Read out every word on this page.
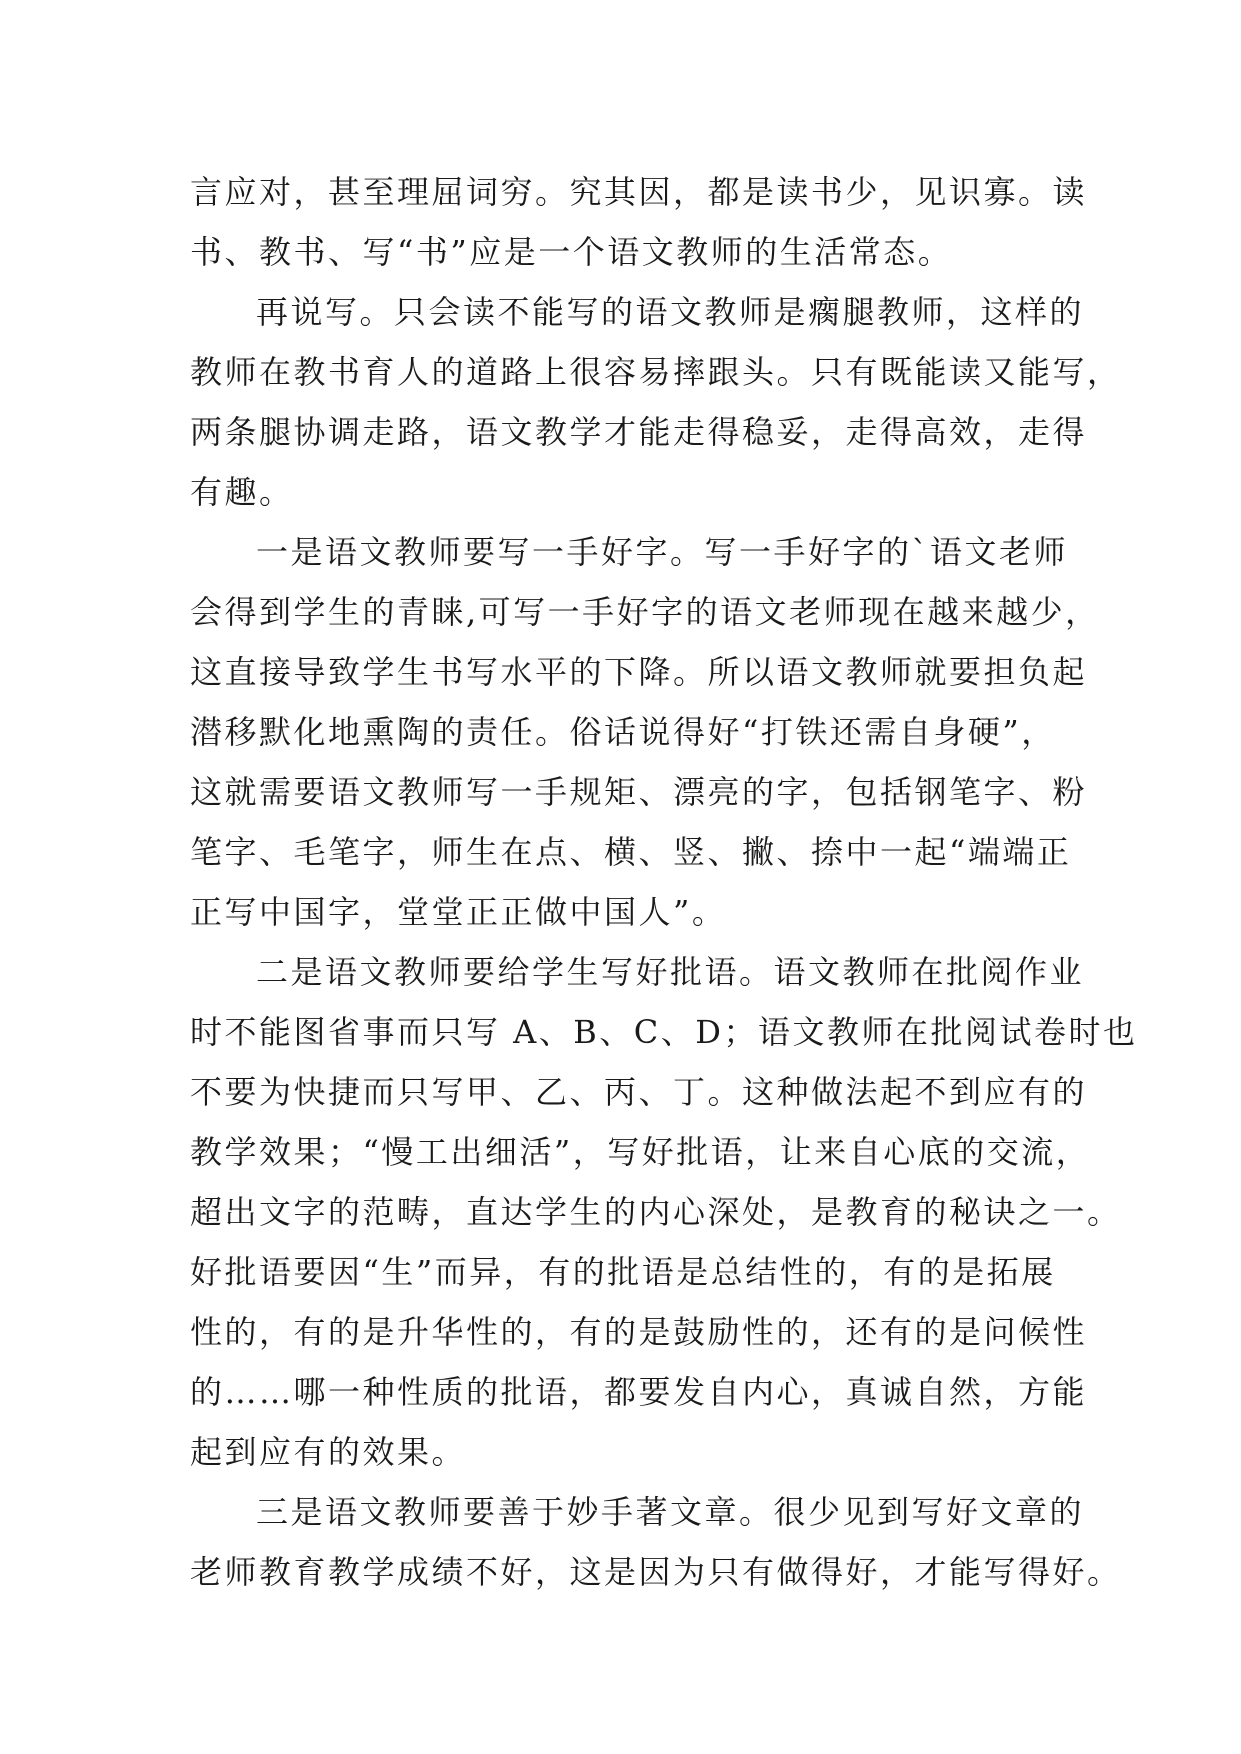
言应对，甚至理屈词穷。究其因，都是读书少，见识寡。读
书、教书、写“书”应是一个语文教师的生活常态。
再说写。只会读不能写的语文教师是瘸腿教师，这样的
教师在教书育人的道路上很容易摔跟头。只有既能读又能写，
两条腿协调走路，语文教学才能走得稳妥，走得高效，走得
有趣。
一是语文教师要写一手好字。写一手好字的`语文老师
会得到学生的青睐,可写一手好字的语文老师现在越来越少，
这直接导致学生书写水平的下降。所以语文教师就要担负起
潜移默化地熏陶的责任。俗话说得好“打铁还需自身硬”，
这就需要语文教师写一手规矩、漂亮的字，包括钢笔字、粉
笔字、毛笔字，师生在点、横、竖、撇、捺中一起“端端正
正写中国字，堂堂正正做中国人”。
二是语文教师要给学生写好批语。语文教师在批阅作业
时不能图省事而只写 A、B、C、D；语文教师在批阅试卷时也
不要为快捷而只写甲、乙、丙、丁。这种做法起不到应有的
教学效果；“慢工出细活”，写好批语，让来自心底的交流，
超出文字的范畴，直达学生的内心深处，是教育的秘诀之一。
好批语要因“生”而异，有的批语是总结性的，有的是拓展
性的，有的是升华性的，有的是鼓励性的，还有的是问候性
的……哪一种性质的批语，都要发自内心，真诚自然，方能
起到应有的效果。
三是语文教师要善于妙手著文章。很少见到写好文章的
老师教育教学成绩不好，这是因为只有做得好，才能写得好。
